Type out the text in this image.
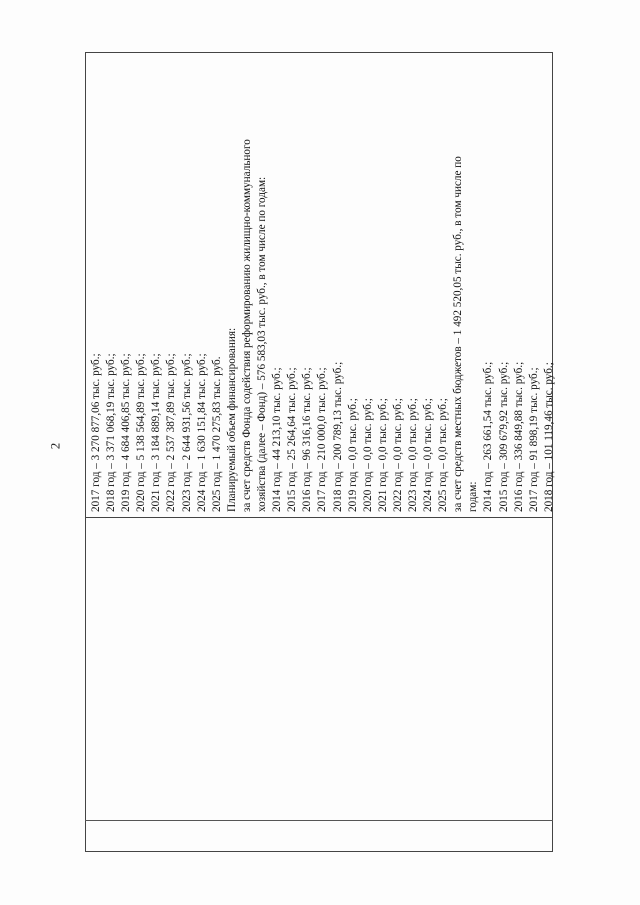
2 2017 год – 3 270 877,06 тыс. руб.; 2018 год – 3 371 068,19 тыс. руб.; 2019 год – 4 684 406,85 тыс. руб.; 2020 год – 5 138 564,89 тыс. руб.; 2021 год – 3 184 889,14 тыс. руб.; 2022 год – 2 537 387,89 тыс. руб.; 2023 год – 2 644 931,56 тыс. руб.; 2024 год – 1 630 151,84 тыс. руб.; 2025 год – 1 470 275,83 тыс. руб. Планируемый объем финансирования: за счет средств Фонда содействия реформированию жилищно-коммунального хозяйства (далее – Фонд) – 576 583,03 тыс. руб., в том числе по годам: 2014 год – 44 213,10 тыс. руб.; 2015 год – 25 264,64 тыс. руб.; 2016 год – 96 316,16 тыс. руб.; 2017 год – 210 000,0 тыс. руб.; 2018 год – 200 789,13 тыс. руб.; 2019 год – 0,0 тыс. руб.; 2020 год – 0,0 тыс. руб.; 2021 год – 0,0 тыс. руб.; 2022 год – 0,0 тыс. руб.; 2023 год – 0,0 тыс. руб.; 2024 год – 0,0 тыс. руб.; 2025 год – 0,0 тыс. руб.; за счет средств местных бюджетов – 1 492 520,05 тыс. руб., в том числе по годам: 2014 год – 263 661,54 тыс. руб.; 2015 год – 309 679,92 тыс. руб.; 2016 год – 336 849,88 тыс. руб.; 2017 год – 91 898,19 тыс. руб.; 2018 год – 101 119,46 тыс. руб.;
